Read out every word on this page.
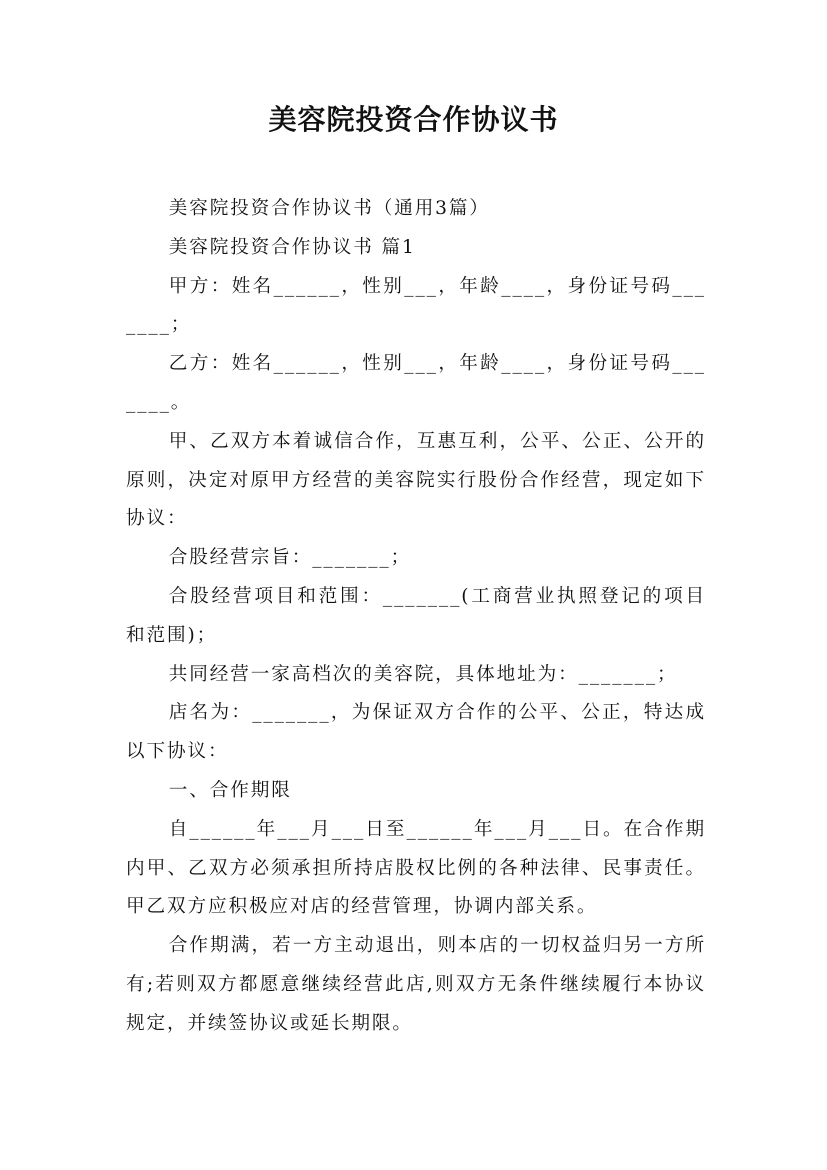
美容院投资合作协议书

美容院投资合作协议书（通用3篇）

美容院投资合作协议书 篇1

甲方：姓名______，性别___，年龄____，身份证号码_______；

乙方：姓名______，性别___，年龄____，身份证号码_______。

甲、乙双方本着诚信合作，互惠互利，公平、公正、公开的原则，决定对原甲方经营的美容院实行股份合作经营，现定如下协议：

合股经营宗旨：_______；

合股经营项目和范围：_______(工商营业执照登记的项目和范围)；

共同经营一家高档次的美容院，具体地址为：_______；

店名为：_______，为保证双方合作的公平、公正，特达成以下协议：

一、合作期限

自______年___月___日至______年___月___日。在合作期内甲、乙双方必须承担所持店股权比例的各种法律、民事责任。甲乙双方应积极应对店的经营管理，协调内部关系。

合作期满，若一方主动退出，则本店的一切权益归另一方所有;若则双方都愿意继续经营此店,则双方无条件继续履行本协议规定，并续签协议或延长期限。
